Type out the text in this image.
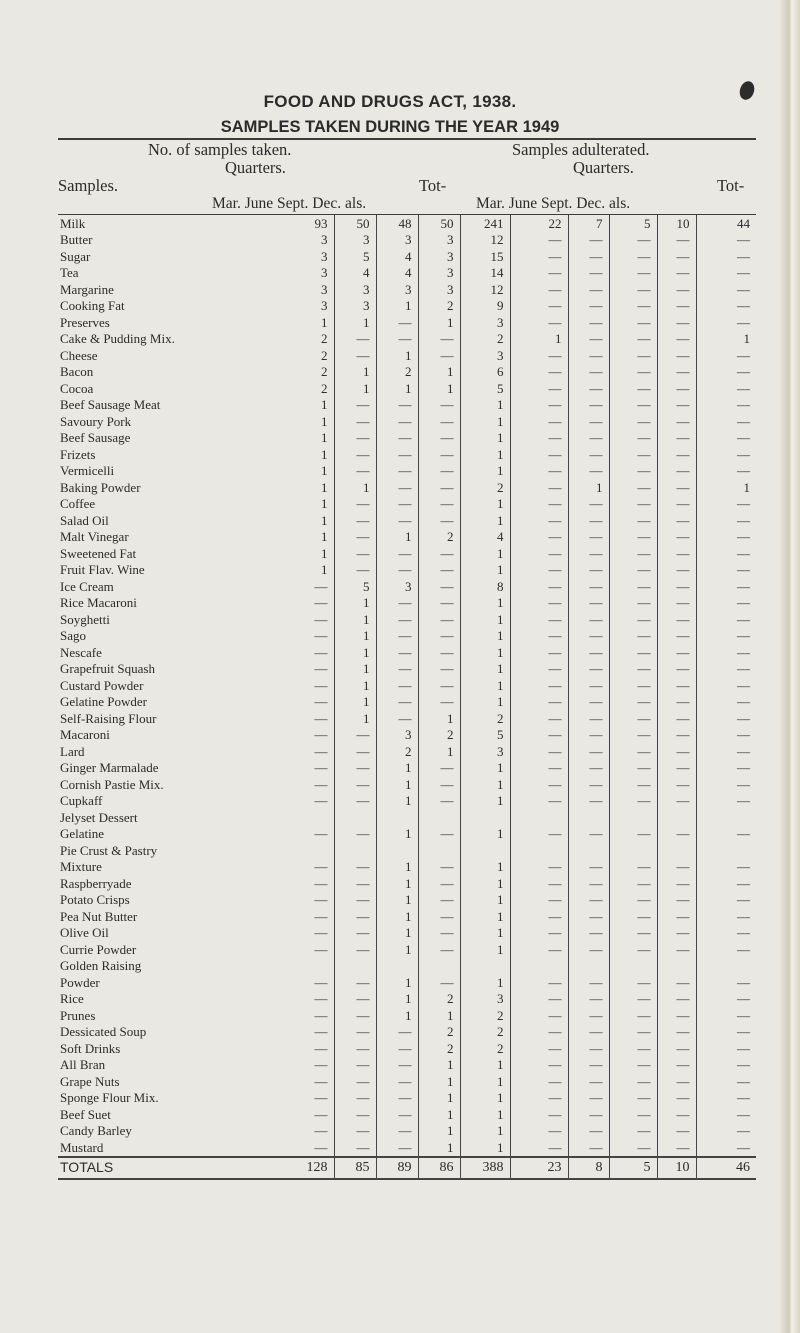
FOOD AND DRUGS ACT, 1938.
SAMPLES TAKEN DURING THE YEAR 1949
No. of samples taken.	Samples adulterated.
Quarters.	Quarters.
Samples.	Tot-	Tot-
Mar. June Sept. Dec. als.	Mar. June Sept. Dec. als.
Milk	93	50	48	50	241	22	7	5	10	44
Butter	3	3	3	3	12	—	—	—	—	—
Sugar	3	5	4	3	15	—	—	—	—	—
Tea	3	4	4	3	14	—	—	—	—	—
Margarine	3	3	3	3	12	—	—	—	—	—
Cooking Fat	3	3	1	2	9	—	—	—	—	—
Preserves	1	1	—	1	3	—	—	—	—	—
Cake & Pudding Mix.	2	—	—	—	2	1	—	—	—	1
Cheese	2	—	1	—	3	—	—	—	—	—
Bacon	2	1	2	1	6	—	—	—	—	—
Cocoa	2	1	1	1	5	—	—	—	—	—
Beef Sausage Meat	1	—	—	—	1	—	—	—	—	—
Savoury Pork	1	—	—	—	1	—	—	—	—	—
Beef Sausage	1	—	—	—	1	—	—	—	—	—
Frizets	1	—	—	—	1	—	—	—	—	—
Vermicelli	1	—	—	—	1	—	—	—	—	—
Baking Powder	1	1	—	—	2	—	1	—	—	1
Coffee	1	—	—	—	1	—	—	—	—	—
Salad Oil	1	—	—	—	1	—	—	—	—	—
Malt Vinegar	1	—	1	2	4	—	—	—	—	—
Sweetened Fat	1	—	—	—	1	—	—	—	—	—
Fruit Flav. Wine	1	—	—	—	1	—	—	—	—	—
Ice Cream	—	5	3	—	8	—	—	—	—	—
Rice Macaroni	—	1	—	—	1	—	—	—	—	—
Soyghetti	—	1	—	—	1	—	—	—	—	—
Sago	—	1	—	—	1	—	—	—	—	—
Nescafe	—	1	—	—	1	—	—	—	—	—
Grapefruit Squash	—	1	—	—	1	—	—	—	—	—
Custard Powder	—	1	—	—	1	—	—	—	—	—
Gelatine Powder	—	1	—	—	1	—	—	—	—	—
Self-Raising Flour	—	1	—	1	2	—	—	—	—	—
Macaroni	—	—	3	2	5	—	—	—	—	—
Lard	—	—	2	1	3	—	—	—	—	—
Ginger Marmalade	—	—	1	—	1	—	—	—	—	—
Cornish Pastie Mix.	—	—	1	—	1	—	—	—	—	—
Cupkaff	—	—	1	—	1	—	—	—	—	—
Jelyset Dessert										
Gelatine	—	—	1	—	1	—	—	—	—	—
Pie Crust & Pastry										
Mixture	—	—	1	—	1	—	—	—	—	—
Raspberryade	—	—	1	—	1	—	—	—	—	—
Potato Crisps	—	—	1	—	1	—	—	—	—	—
Pea Nut Butter	—	—	1	—	1	—	—	—	—	—
Olive Oil	—	—	1	—	1	—	—	—	—	—
Currie Powder	—	—	1	—	1	—	—	—	—	—
Golden Raising										
Powder	—	—	1	—	1	—	—	—	—	—
Rice	—	—	1	2	3	—	—	—	—	—
Prunes	—	—	1	1	2	—	—	—	—	—
Dessicated Soup	—	—	—	2	2	—	—	—	—	—
Soft Drinks	—	—	—	2	2	—	—	—	—	—
All Bran	—	—	—	1	1	—	—	—	—	—
Grape Nuts	—	—	—	1	1	—	—	—	—	—
Sponge Flour Mix.	—	—	—	1	1	—	—	—	—	—
Beef Suet	—	—	—	1	1	—	—	—	—	—
Candy Barley	—	—	—	1	1	—	—	—	—	—
Mustard	—	—	—	1	1	—	—	—	—	—
TOTALS	128	85	89	86	388	23	8	5	10	46
